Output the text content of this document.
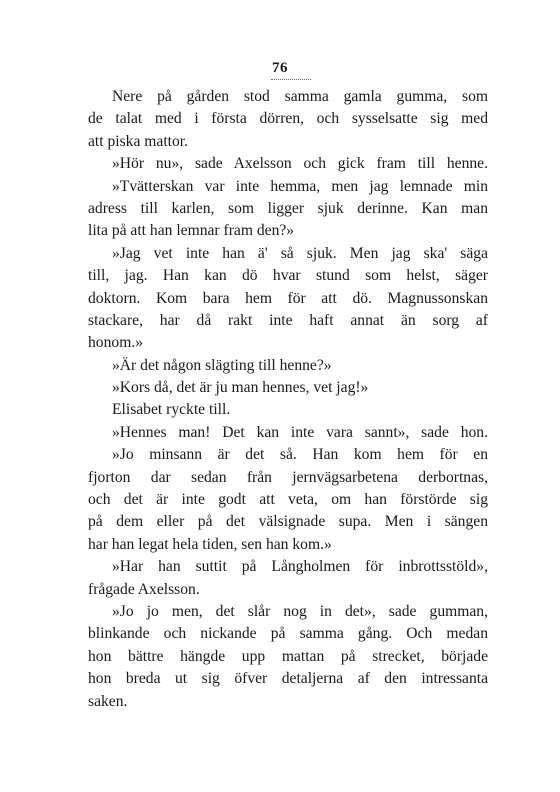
76
Nere på gården stod samma gamla gumma, som
de talat med i första dörren, och sysselsatte sig med
att piska mattor.
»Hör nu», sade Axelsson och gick fram till henne.
»Tvätterskan var inte hemma, men jag lemnade min
adress till karlen, som ligger sjuk derinne. Kan man
lita på att han lemnar fram den?»
»Jag vet inte han ä' så sjuk. Men jag ska' säga
till, jag. Han kan dö hvar stund som helst, säger
doktorn. Kom bara hem för att dö. Magnussonskan
stackare, har då rakt inte haft annat än sorg af
honom.»
»Är det någon slägting till henne?»
»Kors då, det är ju man hennes, vet jag!»
Elisabet ryckte till.
»Hennes man! Det kan inte vara sannt», sade hon.
»Jo minsann är det så. Han kom hem för en
fjorton dar sedan från jernvägsarbetena derbortnas,
och det är inte godt att veta, om han förstörde sig
på dem eller på det välsignade supa. Men i sängen
har han legat hela tiden, sen han kom.»
»Har han suttit på Långholmen för inbrottsstöld»,
frågade Axelsson.
»Jo jo men, det slår nog in det», sade gumman,
blinkande och nickande på samma gång. Och medan
hon bättre hängde upp mattan på strecket, började
hon breda ut sig öfver detaljerna af den intressanta
saken.
